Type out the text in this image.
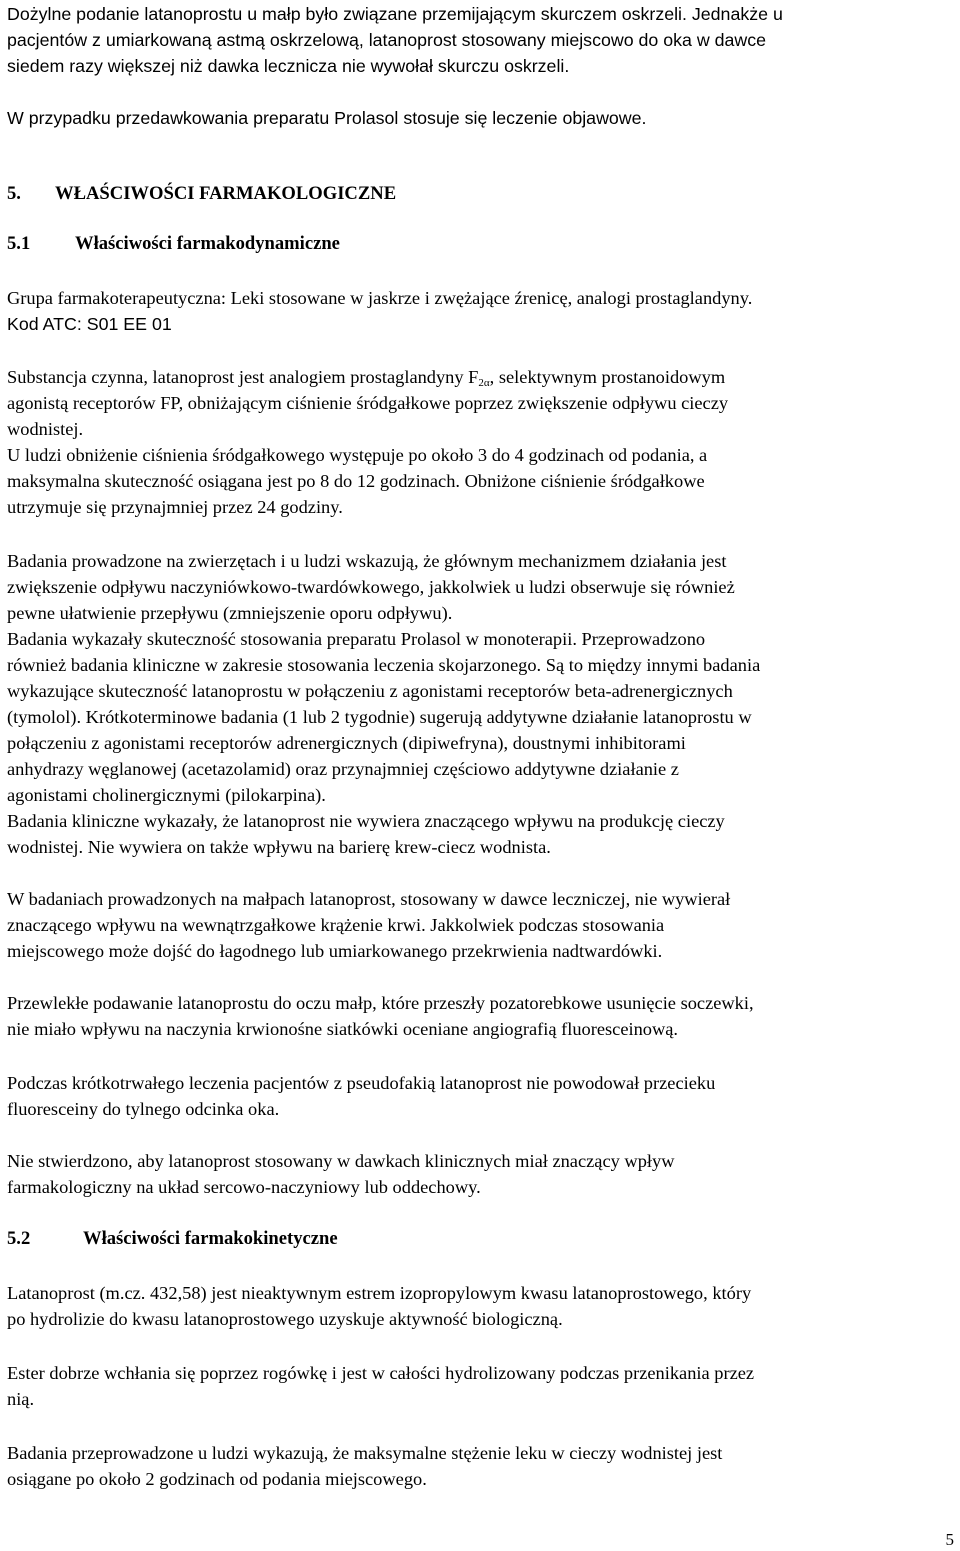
Dożylne podanie latanoprostu u małp było związane przemijającym skurczem oskrzeli. Jednakże u

pacjentów z umiarkowaną astmą oskrzelową, latanoprost stosowany miejscowo do oka w dawce

siedem razy większej niż dawka lecznicza nie wywołał skurczu oskrzeli.

W przypadku przedawkowania preparatu Prolasol stosuje się leczenie objawowe.

5. WŁAŚCIWOŚCI FARMAKOLOGICZNE
5.1 Właściwości farmakodynamiczne

Grupa farmakoterapeutyczna: Leki stosowane w jaskrze i zwężające źrenicę, analogi prostaglandyny.

Kod ATC: S01 EE 01

Substancja czynna, latanoprost jest analogiem prostaglandyny $F_{2\alpha}$, selektywnym prostanoidowym

agonistą receptorów FP, obniżającym ciśnienie śródgałkowe poprzez zwiększenie odpływu cieczy

wodnistej.

U ludzi obniżenie ciśnienia śródgałkowego występuje po około 3 do 4 godzinach od podania, a

maksymalna skuteczność osiągana jest po 8 do 12 godzinach. Obniżone ciśnienie śródgałkowe

utrzymuje się przynajmniej przez 24 godziny.

Badania prowadzone na zwierzętach i u ludzi wskazują, że głównym mechanizmem działania jest

zwiększenie odpływu naczyniówkowo-twardówkowego, jakkolwiek u ludzi obserwuje się również

pewne ułatwienie przepływu (zmniejszenie oporu odpływu).

Badania wykazały skuteczność stosowania preparatu Prolasol w monoterapii. Przeprowadzono

również badania kliniczne w zakresie stosowania leczenia skojarzonego. Są to między innymi badania

wykazujące skuteczność latanoprostu w połączeniu z agonistami receptorów beta-adrenergicznych

(tymolol). Krótkoterminowe badania (1 lub 2 tygodnie) sugerują addytywne działanie latanoprostu w

połączeniu z agonistami receptorów adrenergicznych (dipiwefryna), doustnymi inhibitorami

anhydrazy węglanowej (acetazolamid) oraz przynajmniej częściowo addytywne działanie z

agonistami cholinergicznymi (pilokarpina).

Badania kliniczne wykazały, że latanoprost nie wywiera znaczącego wpływu na produkcję cieczy

wodnistej. Nie wywiera on także wpływu na barierę krew-ciecz wodnista.

W badaniach prowadzonych na małpach latanoprost, stosowany w dawce leczniczej, nie wywierał

znaczącego wpływu na wewnątrzgałkowe krążenie krwi. Jakkolwiek podczas stosowania

miejscowego może dojść do łagodnego lub umiarkowanego przekrwienia nadtwardówki.

Przewlekłe podawanie latanoprostu do oczu małp, które przeszły pozatorebkowe usunięcie soczewki,

nie miało wpływu na naczynia krwionośne siatkówki oceniane angiografią fluoresceinową.

Podczas krótkotrwałego leczenia pacjentów z pseudofakią latanoprost nie powodował przecieku

fluoresceiny do tylnego odcinka oka.

Nie stwierdzono, aby latanoprost stosowany w dawkach klinicznych miał znaczący wpływ

farmakologiczny na układ sercowo-naczyniowy lub oddechowy.

5.2	Właściwości farmakokinetyczne

Latanoprost (m.cz. 432,58) jest nieaktywnym estrem izopropylowym kwasu latanoprostowego, który

po hydrolizie do kwasu latanoprostowego uzyskuje aktywność biologiczną.

Ester dobrze wchłania się poprzez rogówkę i jest w całości hydrolizowany podczas przenikania przez

nią.

Badania przeprowadzone u ludzi wykazują, że maksymalne stężenie leku w cieczy wodnistej jest

osiągane po około 2 godzinach od podania miejscowego.

5
